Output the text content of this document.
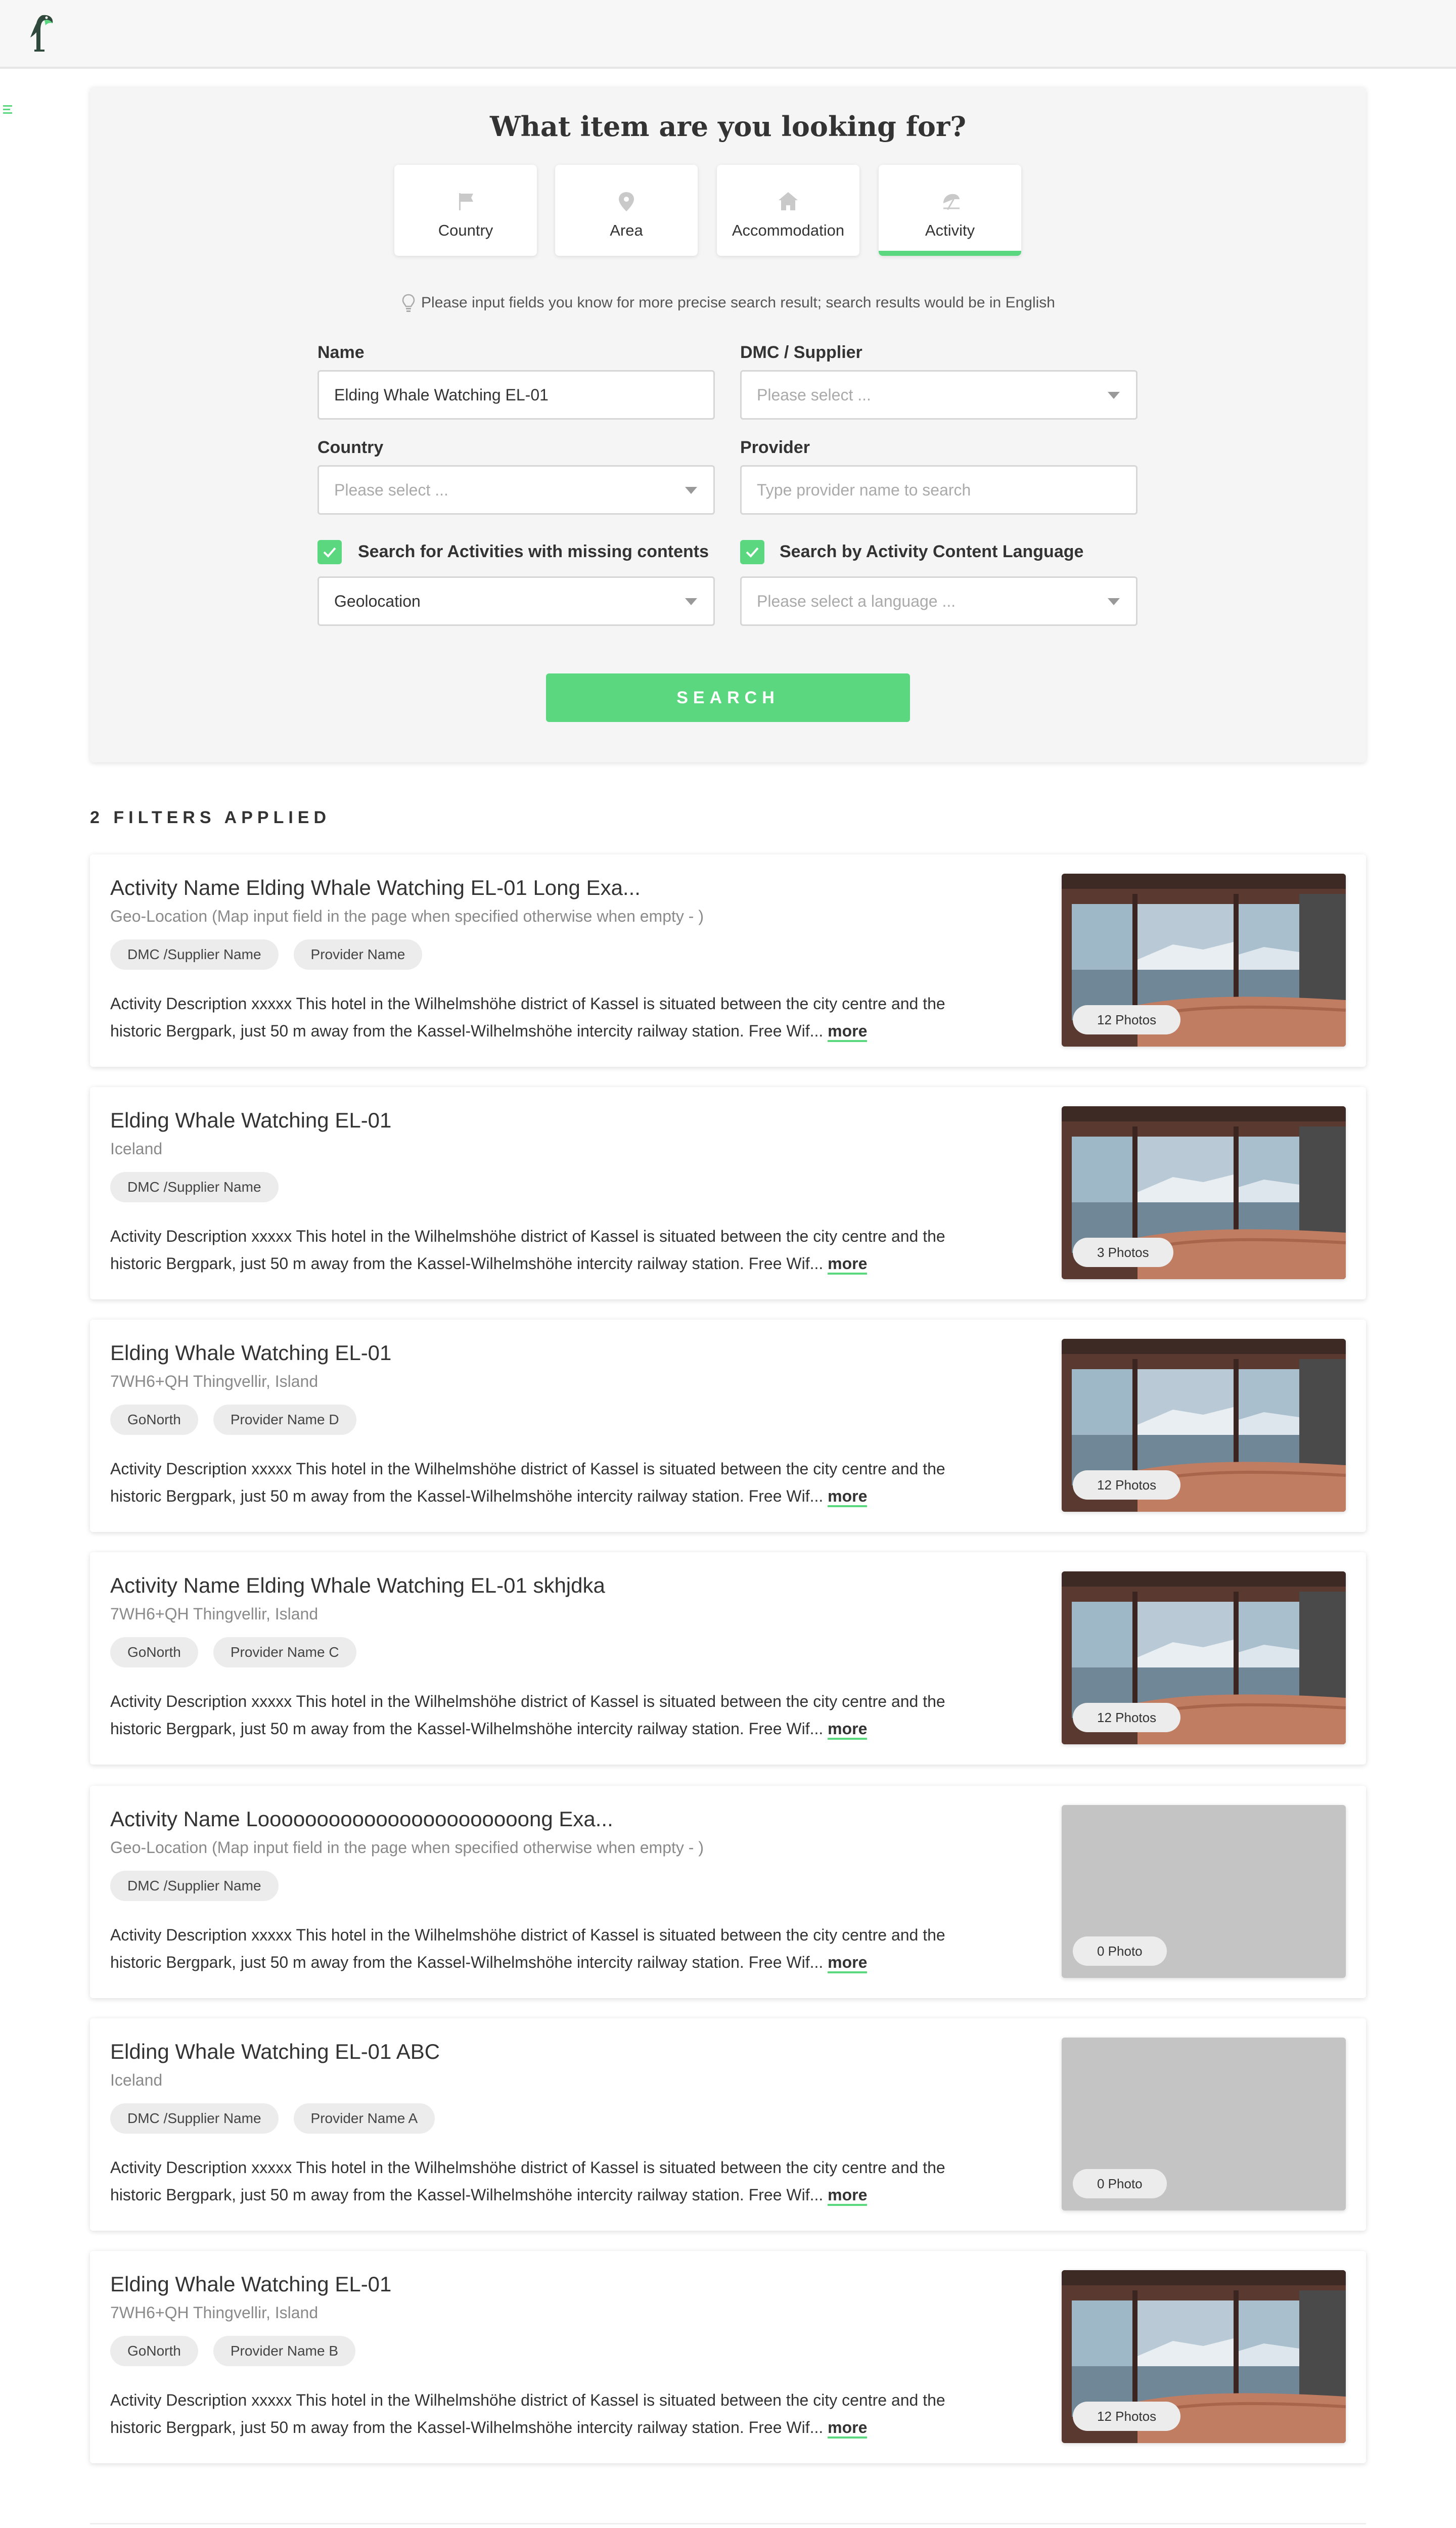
What item are you looking for?
Country	Area	Accommodation	Activity
Please input fields you know for more precise search result; search results would be in English
Name
Elding Whale Watching EL-01	DMC / Supplier
Please select ...
Country
Please select ...
Provider
Type provider name to search
Search for Activities with missing contents	Search by Activity Content Language
Geolocation	Please select a language ...
SEARCH
2 FILTERS APPLIED
Activity Name Elding Whale Watching EL-01 Long Exa...
Geo-Location (Map input field in the page when specified otherwise when empty - )
DMC /Supplier Name	Provider Name
Activity Description xxxxx This hotel in the Wilhelmshöhe district of Kassel is situated between the city centre and the
historic Bergpark, just 50 m away from the Kassel-Wilhelmshöhe intercity railway station. Free Wif... more
12 Photos
Elding Whale Watching EL-01
Iceland
DMC /Supplier Name
Activity Description xxxxx This hotel in the Wilhelmshöhe district of Kassel is situated between the city centre and the
historic Bergpark, just 50 m away from the Kassel-Wilhelmshöhe intercity railway station. Free Wif... more
3 Photos
Elding Whale Watching EL-01
7WH6+QH Thingvellir, Island
GoNorth	Provider Name D
Activity Description xxxxx This hotel in the Wilhelmshöhe district of Kassel is situated between the city centre and the
historic Bergpark, just 50 m away from the Kassel-Wilhelmshöhe intercity railway station. Free Wif... more
12 Photos
Activity Name Elding Whale Watching EL-01 skhjdka
7WH6+QH Thingvellir, Island
GoNorth	Provider Name C
Activity Description xxxxx This hotel in the Wilhelmshöhe district of Kassel is situated between the city centre and the
historic Bergpark, just 50 m away from the Kassel-Wilhelmshöhe intercity railway station. Free Wif... more
12 Photos
Activity Name Looooooooooooooooooooooong Exa...
Geo-Location (Map input field in the page when specified otherwise when empty - )
DMC /Supplier Name
Activity Description xxxxx This hotel in the Wilhelmshöhe district of Kassel is situated between the city centre and the
historic Bergpark, just 50 m away from the Kassel-Wilhelmshöhe intercity railway station. Free Wif... more
0 Photo
Elding Whale Watching EL-01 ABC
Iceland
DMC /Supplier Name	Provider Name A
Activity Description xxxxx This hotel in the Wilhelmshöhe district of Kassel is situated between the city centre and the
historic Bergpark, just 50 m away from the Kassel-Wilhelmshöhe intercity railway station. Free Wif... more
0 Photo
Elding Whale Watching EL-01
7WH6+QH Thingvellir, Island
GoNorth	Provider Name B
Activity Description xxxxx This hotel in the Wilhelmshöhe district of Kassel is situated between the city centre and the
historic Bergpark, just 50 m away from the Kassel-Wilhelmshöhe intercity railway station. Free Wif... more
12 Photos
